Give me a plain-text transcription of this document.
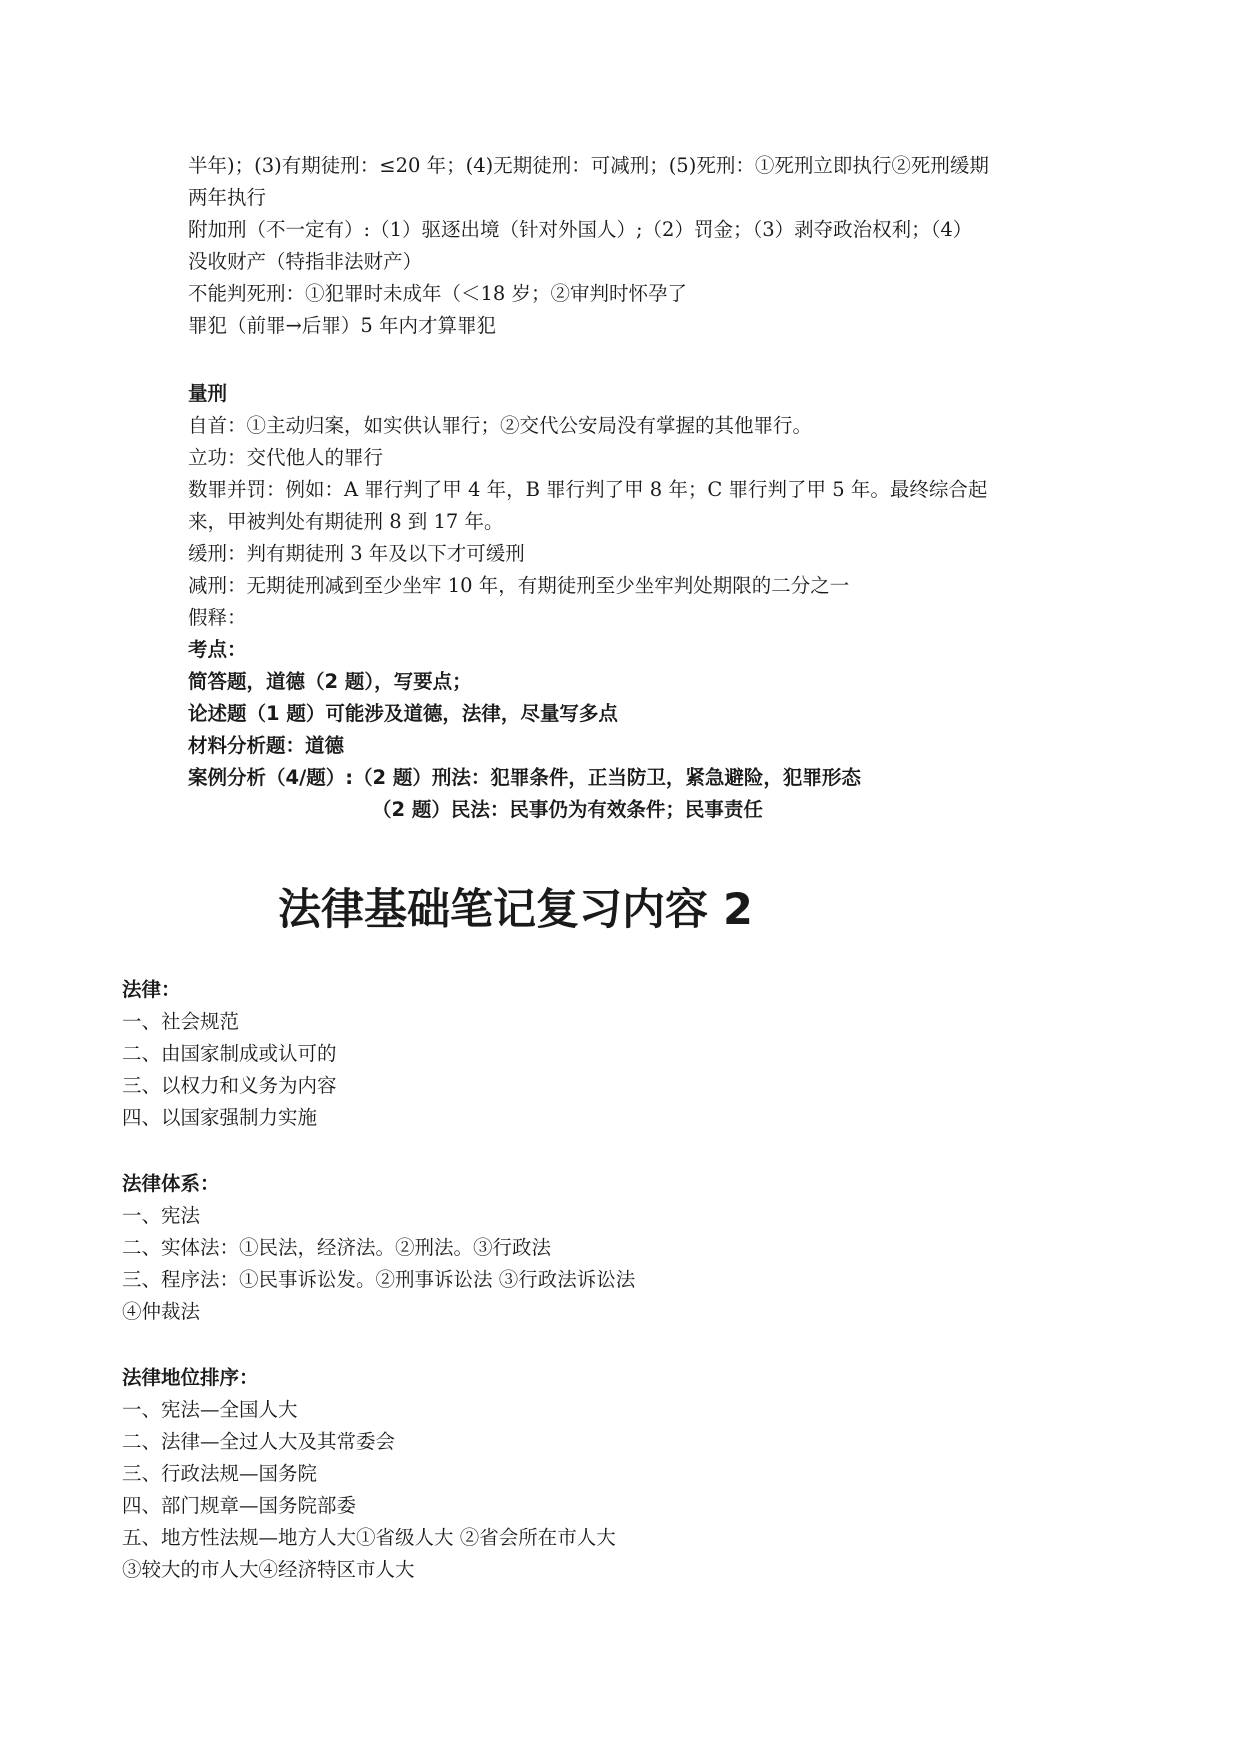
半年)；(3)有期徒刑：≤20 年；(4)无期徒刑：可减刑；(5)死刑：①死刑立即执行②死刑缓期
两年执行
附加刑（不一定有）:（1）驱逐出境（针对外国人）;（2）罚金；（3）剥夺政治权利；（4）
没收财产（特指非法财产）
不能判死刑：①犯罪时未成年（＜18 岁；②审判时怀孕了
罪犯（前罪→后罪）5 年内才算罪犯
量刑
自首：①主动归案，如实供认罪行；②交代公安局没有掌握的其他罪行。
立功：交代他人的罪行
数罪并罚：例如：A 罪行判了甲 4 年，B 罪行判了甲 8 年；C 罪行判了甲 5 年。最终综合起
来，甲被判处有期徒刑 8 到 17 年。
缓刑：判有期徒刑 3 年及以下才可缓刑
减刑：无期徒刑减到至少坐牢 10 年，有期徒刑至少坐牢判处期限的二分之一
假释：
考点：
简答题，道德（2 题），写要点；
论述题（1 题）可能涉及道德，法律，尽量写多点
材料分析题：道德
案例分析（4/题）:（2 题）刑法：犯罪条件，正当防卫，紧急避险，犯罪形态
（2 题）民法：民事仍为有效条件；民事责任
法律基础笔记复习内容 2
法律：
一、社会规范
二、由国家制成或认可的
三、以权力和义务为内容
四、以国家强制力实施
法律体系：
一、宪法
二、实体法：①民法，经济法。②刑法。③行政法
三、程序法：①民事诉讼发。②刑事诉讼法 ③行政法诉讼法
④仲裁法
法律地位排序：
一、宪法—全国人大
二、法律—全过人大及其常委会
三、行政法规—国务院
四、部门规章—国务院部委
五、地方性法规—地方人大①省级人大 ②省会所在市人大
③较大的市人大④经济特区市人大
